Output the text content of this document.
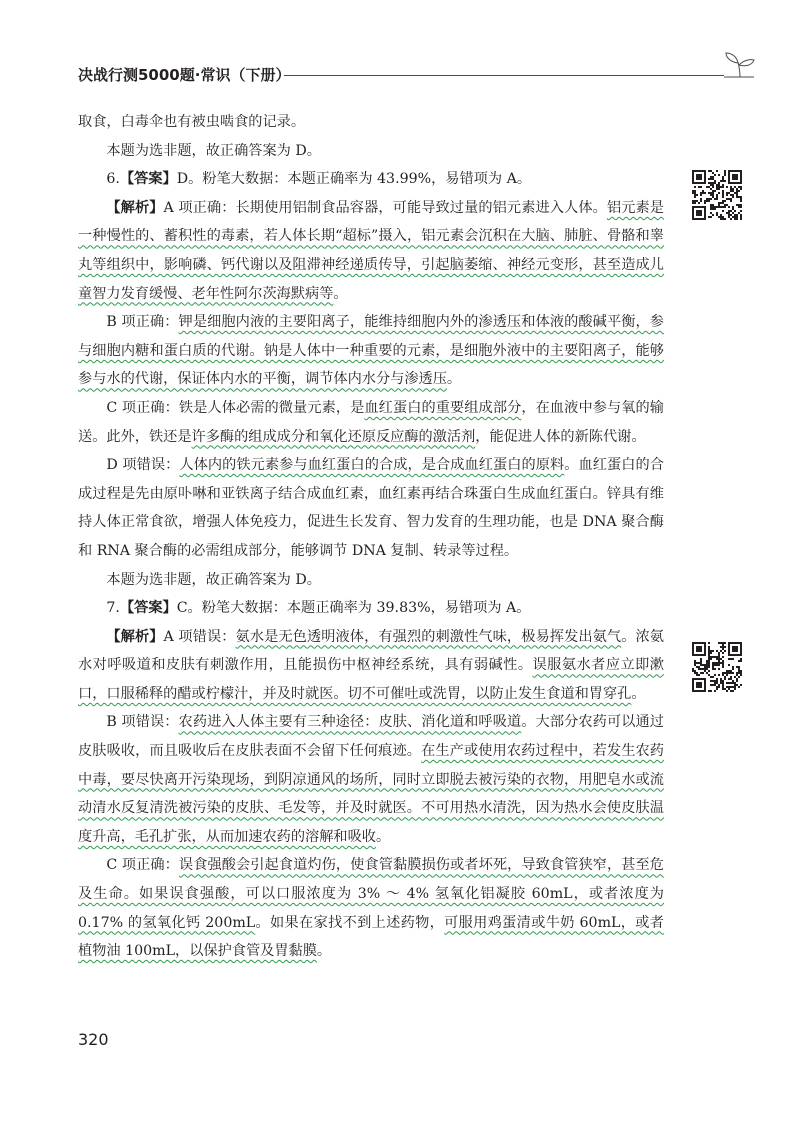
决战行测5000题·常识（下册）

取食，白毒伞也有被虫啮食的记录。

本题为选非题，故正确答案为 D。

6.【答案】D。粉笔大数据：本题正确率为 43.99%，易错项为 A。

【解析】A 项正确：长期使用铝制食品容器，可能导致过量的铝元素进入人体。铝元素是一种慢性的、蓄积性的毒素，若人体长期“超标”摄入，铝元素会沉积在大脑、肺脏、骨骼和睾丸等组织中，影响磷、钙代谢以及阻滞神经递质传导，引起脑萎缩、神经元变形，甚至造成儿童智力发育缓慢、老年性阿尔茨海默病等。

B 项正确：钾是细胞内液的主要阳离子，能维持细胞内外的渗透压和体液的酸碱平衡，参与细胞内糖和蛋白质的代谢。钠是人体中一种重要的元素，是细胞外液中的主要阳离子，能够参与水的代谢，保证体内水的平衡，调节体内水分与渗透压。

C 项正确：铁是人体必需的微量元素，是血红蛋白的重要组成部分，在血液中参与氧的输送。此外，铁还是许多酶的组成成分和氧化还原反应酶的激活剂，能促进人体的新陈代谢。

D 项错误：人体内的铁元素参与血红蛋白的合成，是合成血红蛋白的原料。血红蛋白的合成过程是先由原卟啉和亚铁离子结合成血红素，血红素再结合珠蛋白生成血红蛋白。锌具有维持人体正常食欲，增强人体免疫力，促进生长发育、智力发育的生理功能，也是 DNA 聚合酶和 RNA 聚合酶的必需组成部分，能够调节 DNA 复制、转录等过程。

本题为选非题，故正确答案为 D。

7.【答案】C。粉笔大数据：本题正确率为 39.83%，易错项为 A。

【解析】A 项错误：氨水是无色透明液体，有强烈的刺激性气味，极易挥发出氨气。浓氨水对呼吸道和皮肤有刺激作用，且能损伤中枢神经系统，具有弱碱性。误服氨水者应立即漱口，口服稀释的醋或柠檬汁，并及时就医。切不可催吐或洗胃，以防止发生食道和胃穿孔。

B 项错误：农药进入人体主要有三种途径：皮肤、消化道和呼吸道。大部分农药可以通过皮肤吸收，而且吸收后在皮肤表面不会留下任何痕迹。在生产或使用农药过程中，若发生农药中毒，要尽快离开污染现场，到阴凉通风的场所，同时立即脱去被污染的衣物，用肥皂水或流动清水反复清洗被污染的皮肤、毛发等，并及时就医。不可用热水清洗，因为热水会使皮肤温度升高，毛孔扩张，从而加速农药的溶解和吸收。

C 项正确：误食强酸会引起食道灼伤，使食管黏膜损伤或者坏死，导致食管狭窄，甚至危及生命。如果误食强酸，可以口服浓度为 3% ～ 4% 氢氧化铝凝胶 60mL，或者浓度为 0.17% 的氢氧化钙 200mL。如果在家找不到上述药物，可服用鸡蛋清或牛奶 60mL，或者植物油 100mL，以保护食管及胃黏膜。

320
